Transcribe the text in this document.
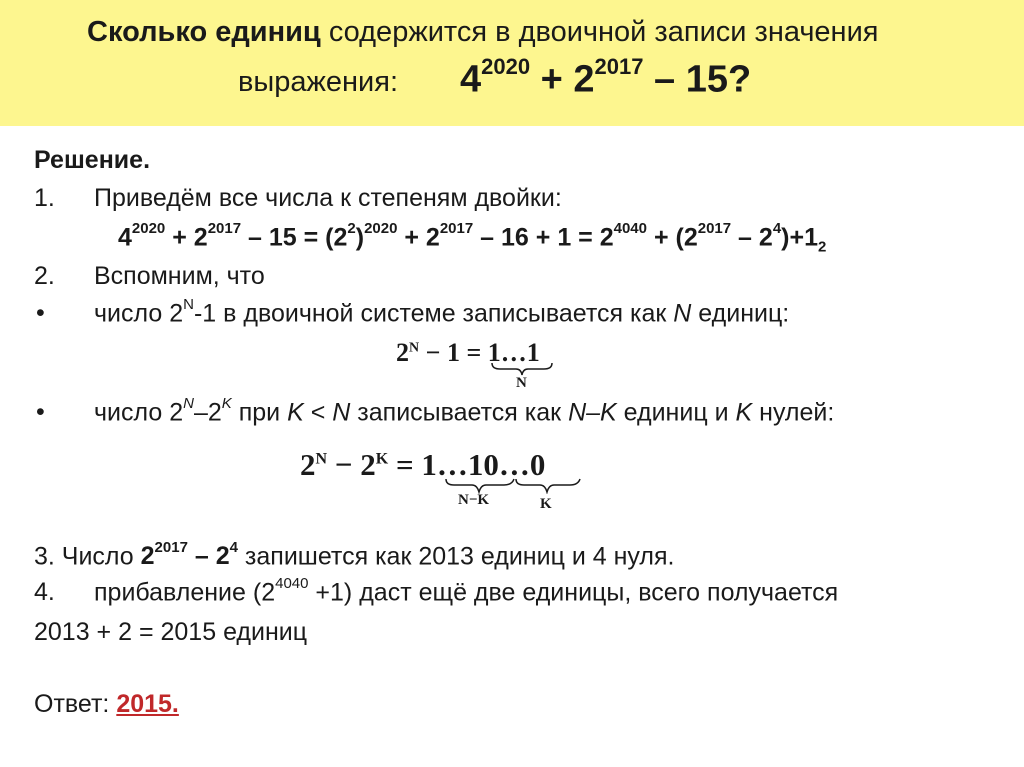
Сколько единиц содержится в двоичной записи значения
выражения: $4^{2020} + 2^{2017} - 15$?
Решение.
1. Приведём все числа к степеням двойки:
$4^{2020} + 2^{2017} - 15 = (2^2)^{2020} + 2^{2017} - 16 + 1 = 2^{4040} + (2^{2017} - 2^4)+1_2$
2. Вспомним, что
• число $2^N-1$ в двоичной системе записывается как N единиц:
$2^N - 1$ = 1…1
N
• число $2^N-2^K$ при K < N записывается как N–K единиц и K нулей:
$2^N - 2^K$ = 1…10…0
N−K	K
3. Число $2^{2017} - 2^4$ запишется как 2013 единиц и 4 нуля.
4. прибавление $(2^{4040} +1)$ даст ещё две единицы, всего получается
2013 + 2 = 2015 единиц
Ответ: 2015.
